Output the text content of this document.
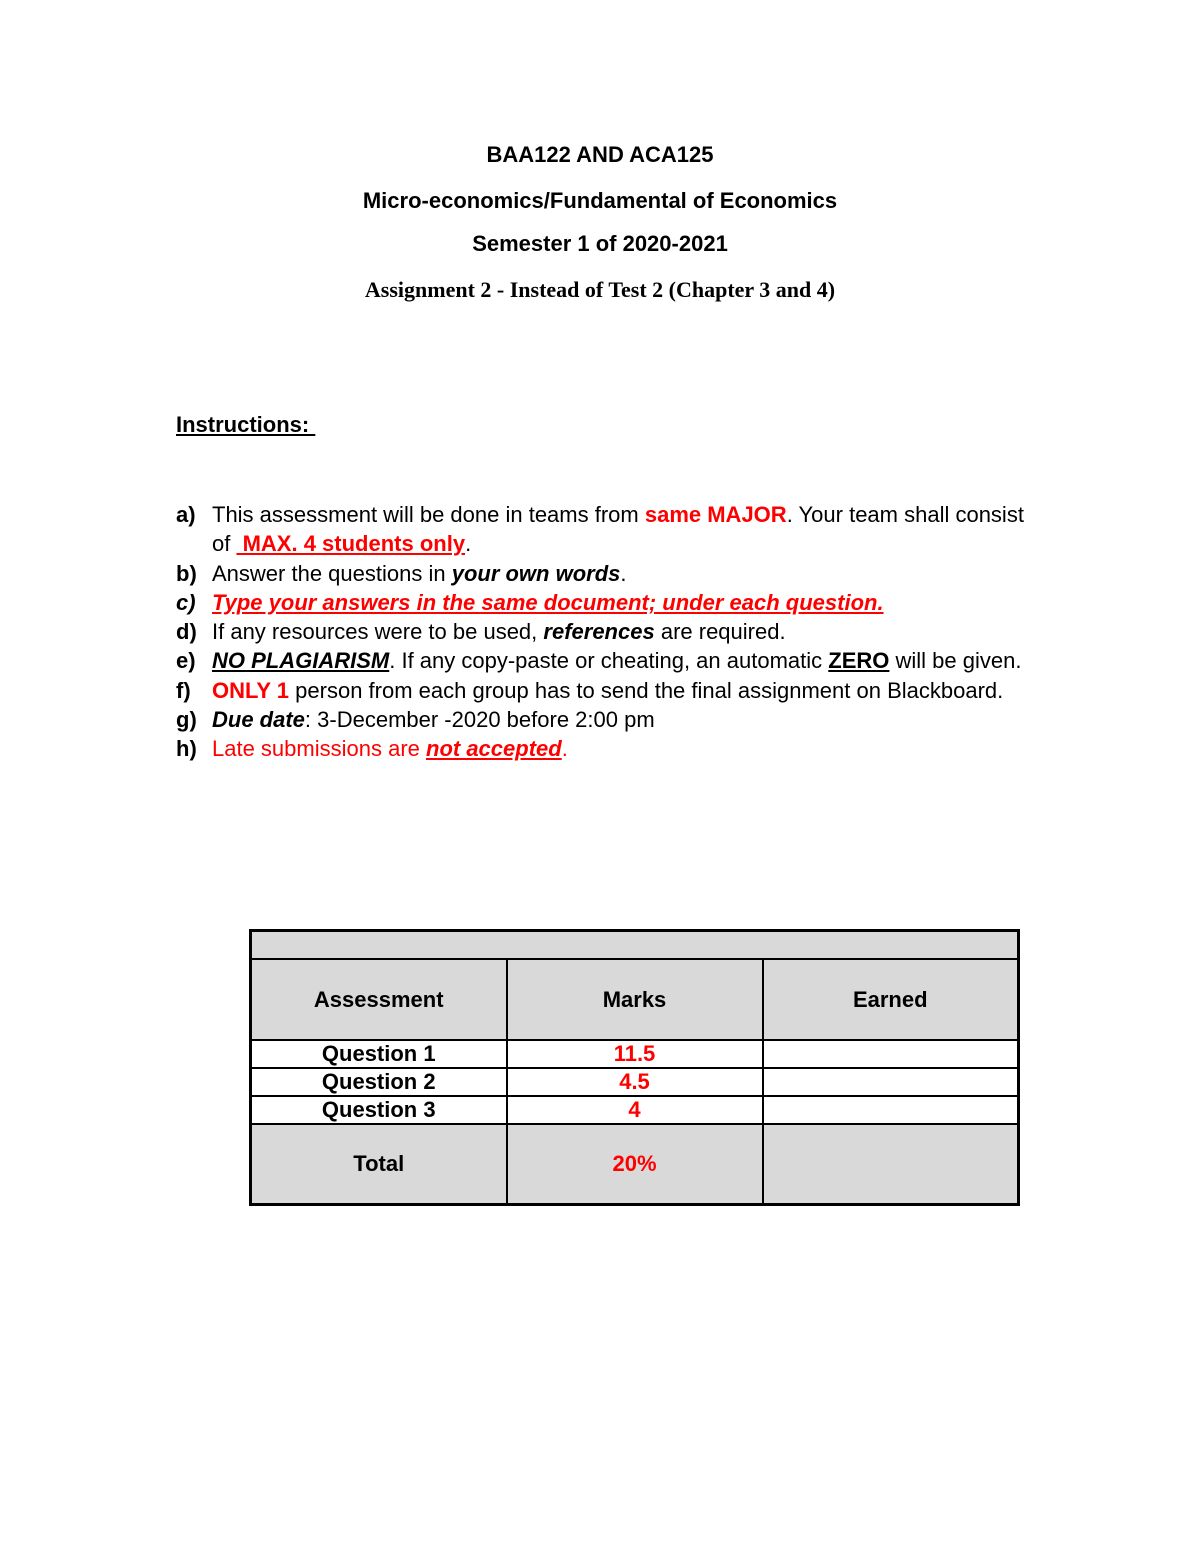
BAA122 AND ACA125
Micro-economics/Fundamental of Economics
Semester 1 of 2020-2021
Assignment 2 - Instead of Test 2 (Chapter 3 and 4)
Instructions:
a) This assessment will be done in teams from same MAJOR. Your team shall consist of  MAX. 4 students only.
b) Answer the questions in your own words.
c) Type your answers in the same document; under each question.
d) If any resources were to be used, references are required.
e) NO PLAGIARISM. If any copy-paste or cheating, an automatic ZERO will be given.
f) ONLY 1 person from each group has to send the final assignment on Blackboard.
g) Due date: 3-December -2020 before 2:00 pm
h) Late submissions are not accepted.

Assessment	Marks	Earned
Question 1	11.5	
Question 2	4.5	
Question 3	4	
Total	20%	
